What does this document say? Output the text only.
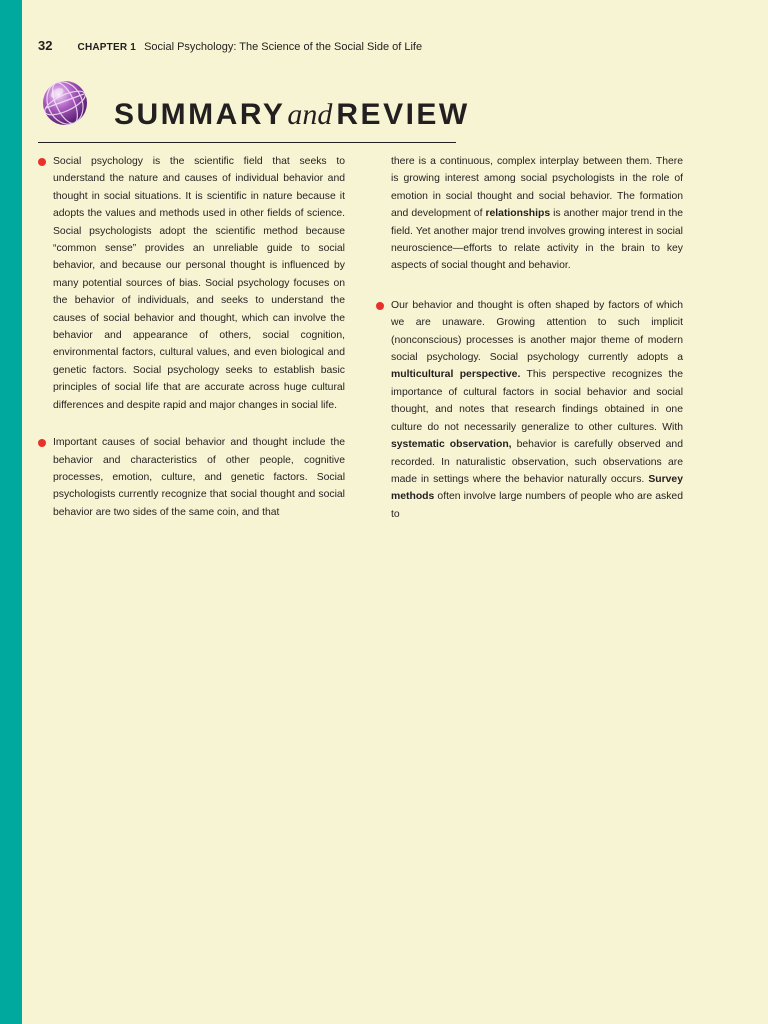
32	CHAPTER 1 Social Psychology: The Science of the Social Side of Life
SUMMARYand REVIEW

Social psychology is the scientific field that seeks to understand the nature and causes of individual behavior and thought in social situations. It is scientific in nature because it adopts the values and methods used in other fields of science. Social psychologists adopt the scientific method because “common sense” provides an unreliable guide to social behavior, and because our personal thought is influenced by many potential sources of bias. Social psychology focuses on the behavior of individuals, and seeks to understand the causes of social behavior and thought, which can involve the behavior and appearance of others, social cognition, environmental factors, cultural values, and even biological and genetic factors. Social psychology seeks to establish basic principles of social life that are accurate across huge cultural differences and despite rapid and major changes in social life.

Important causes of social behavior and thought include the behavior and characteristics of other people, cognitive processes, emotion, culture, and genetic factors. Social psychologists currently recognize that social thought and social behavior are two sides of the same coin, and that

there is a continuous, complex interplay between them. There is growing interest among social psychologists in the role of emotion in social thought and social behavior. The formation and development of relationships is another major trend in the field. Yet another major trend involves growing interest in social neuroscience—efforts to relate activity in the brain to key aspects of social thought and behavior.

Our behavior and thought is often shaped by factors of which we are unaware. Growing attention to such implicit (nonconscious) processes is another major theme of modern social psychology. Social psychology currently adopts a multicultural perspective. This perspective recognizes the importance of cultural factors in social behavior and social thought, and notes that research findings obtained in one culture do not necessarily generalize to other cultures. With systematic observation, behavior is carefully observed and recorded. In naturalistic observation, such observations are made in settings where the behavior naturally occurs. Survey methods often involve large numbers of people who are asked to
